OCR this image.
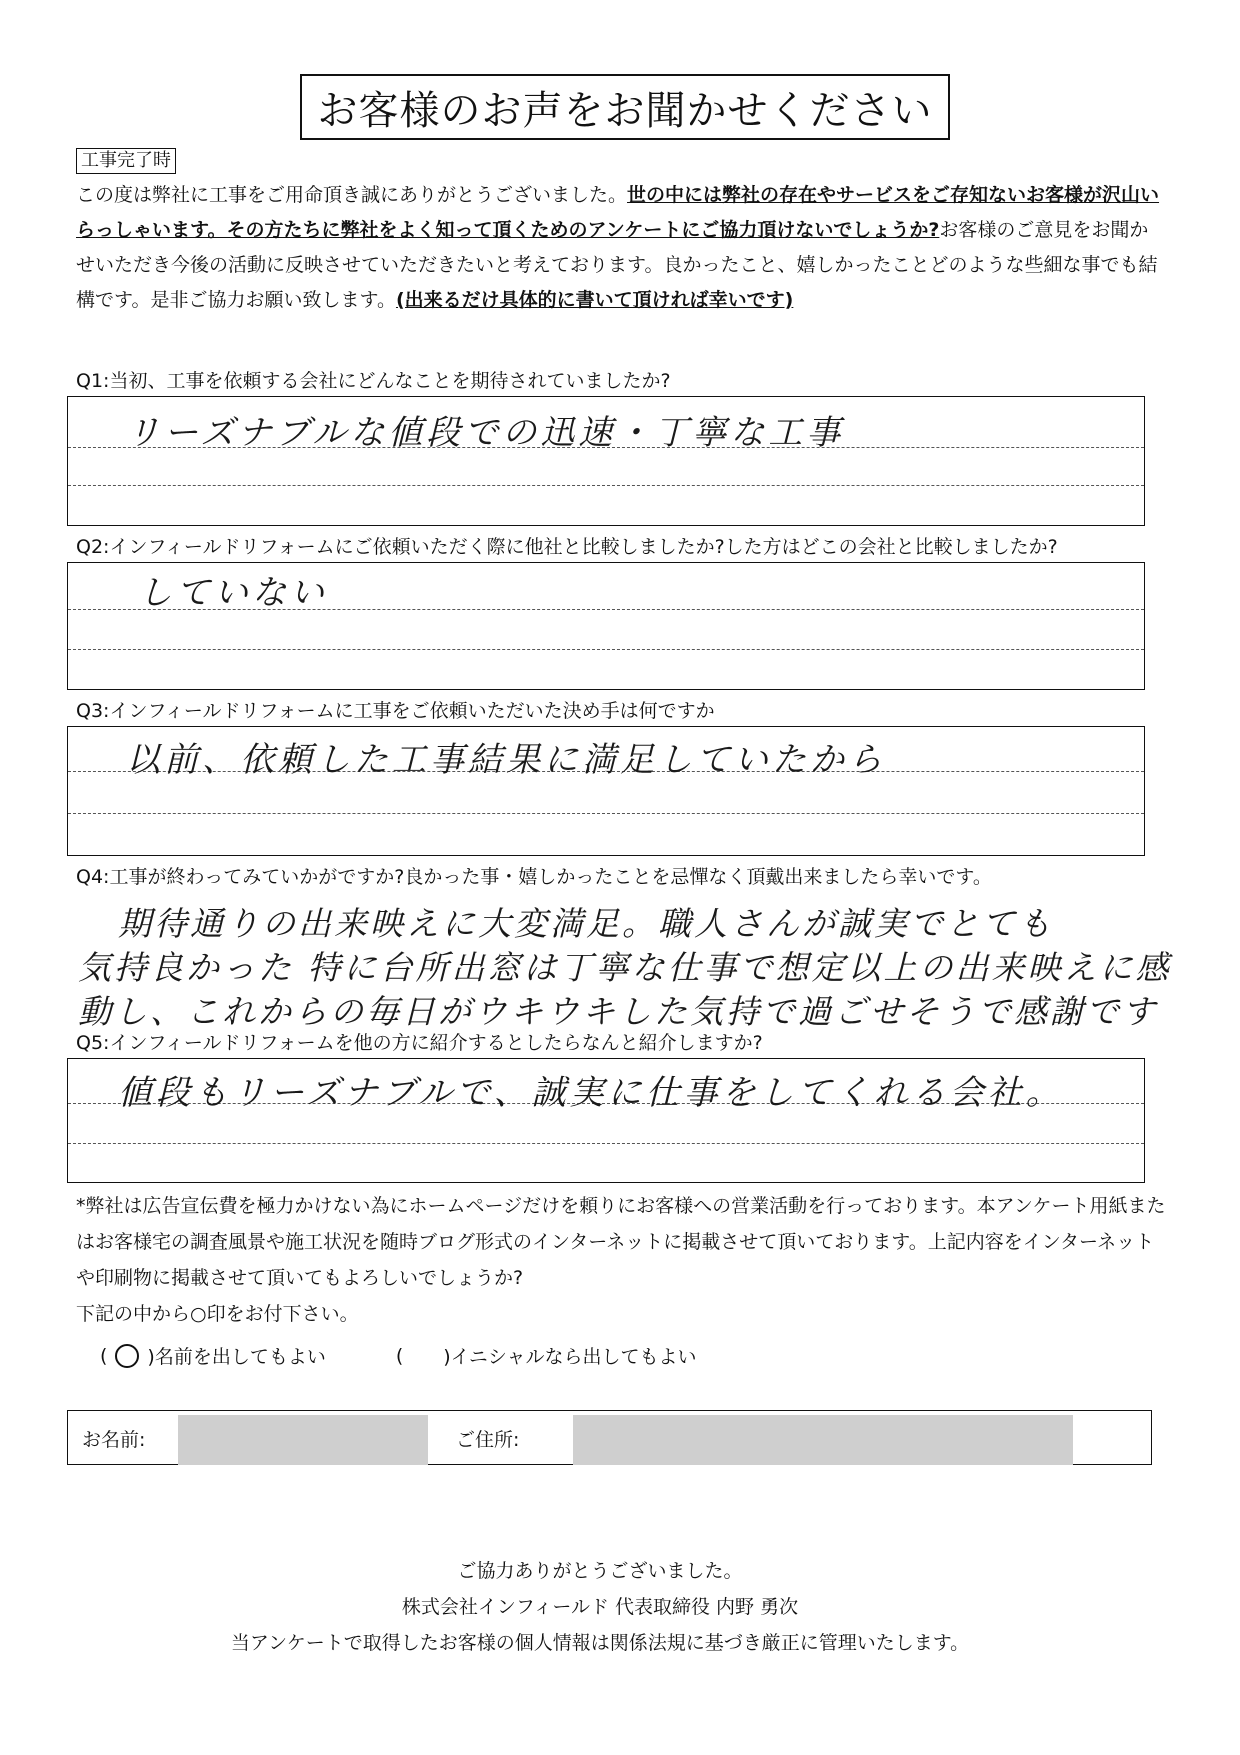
お客様のお声をお聞かせください
工事完了時
この度は弊社に工事をご用命頂き誠にありがとうございました。世の中には弊社の存在やサービスをご存知ないお客様が沢山いらっしゃいます。その方たちに弊社をよく知って頂くためのアンケートにご協力頂けないでしょうか?お客様のご意見をお聞かせいただき今後の活動に反映させていただきたいと考えております。良かったこと、嬉しかったことどのような些細な事でも結構です。是非ご協力お願い致します。(出来るだけ具体的に書いて頂ければ幸いです)
Q1:当初、工事を依頼する会社にどんなことを期待されていましたか?
リーズナブルな値段での迅速・丁寧な工事
Q2:インフィールドリフォームにご依頼いただく際に他社と比較しましたか?した方はどこの会社と比較しましたか?
していない
Q3:インフィールドリフォームに工事をご依頼いただいた決め手は何ですか
以前、依頼した工事結果に満足していたから
Q4:工事が終わってみていかがですか?良かった事・嬉しかったことを忌憚なく頂戴出来ましたら幸いです。
期待通りの出来映えに大変満足。職人さんが誠実でとても
気持良かった 特に台所出窓は丁寧な仕事で想定以上の出来映えに感
動し、これからの毎日がウキウキした気持で過ごせそうで感謝です
Q5:インフィールドリフォームを他の方に紹介するとしたらなんと紹介しますか?
値段もリーズナブルで、誠実に仕事をしてくれる会社。
*弊社は広告宣伝費を極力かけない為にホームページだけを頼りにお客様への営業活動を行っております。本アンケート用紙またはお客様宅の調査風景や施工状況を随時ブログ形式のインターネットに掲載させて頂いております。上記内容をインターネットや印刷物に掲載させて頂いてもよろしいでしょうか?
下記の中から○印をお付下さい。
( )名前を出してもよい	( )イニシャルなら出してもよい
お名前:	ご住所:
ご協力ありがとうございました。
株式会社インフィールド 代表取締役 内野 勇次
当アンケートで取得したお客様の個人情報は関係法規に基づき厳正に管理いたします。
